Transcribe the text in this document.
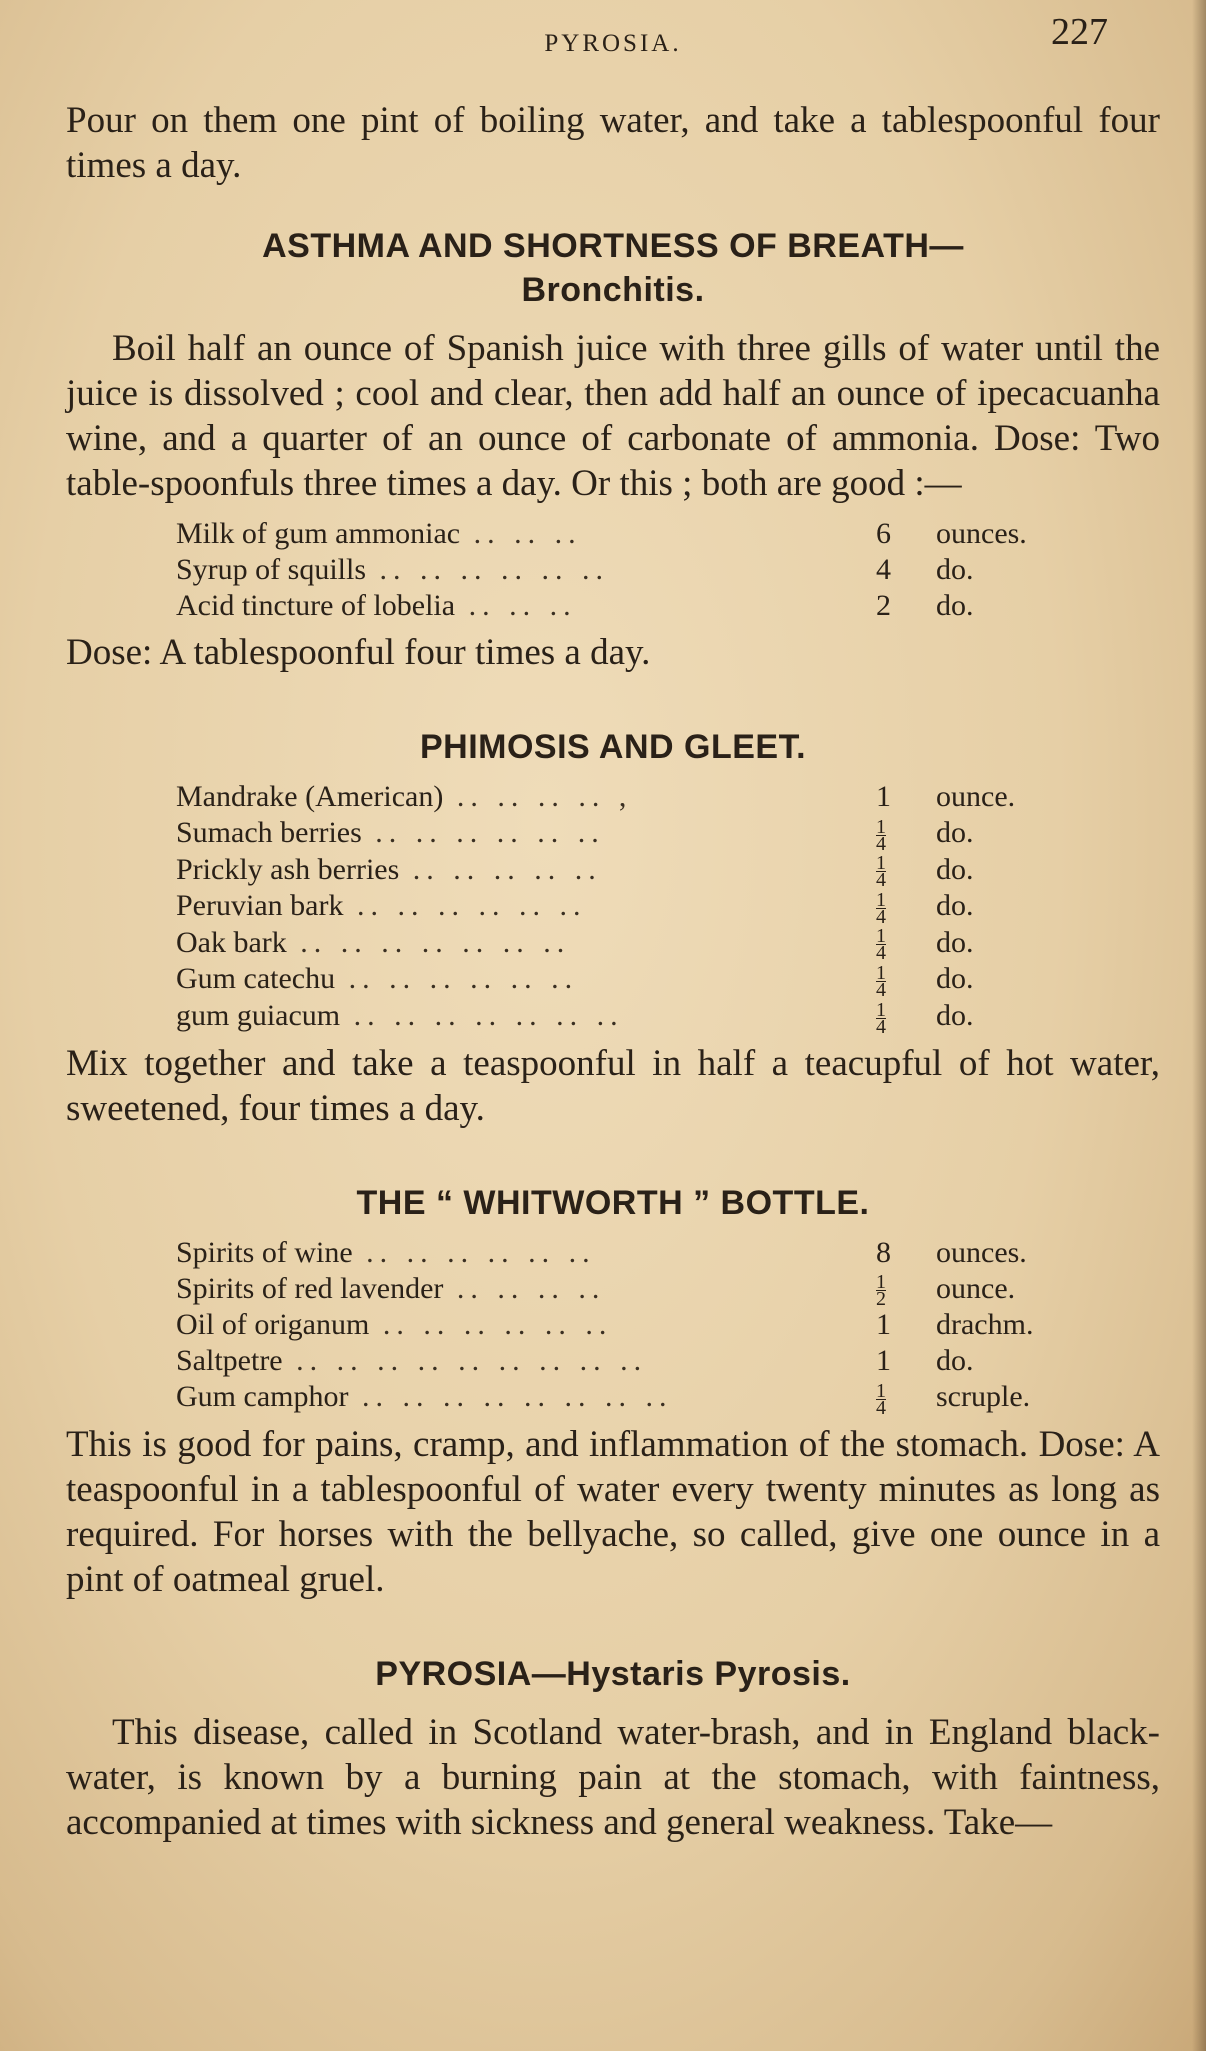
PYROSIA.	227

Pour on them one pint of boiling water, and take a tablespoonful four times a day.

ASTHMA AND SHORTNESS OF BREATH—
Bronchitis.

Boil half an ounce of Spanish juice with three gills of water until the juice is dissolved ; cool and clear, then add half an ounce of ipecacuanha wine, and a quarter of an ounce of carbonate of ammonia. Dose: Two table-spoonfuls three times a day. Or this ; both are good :—

Milk of gum ammoniac .. .. ..	6	ounces.
Syrup of squills .. .. .. .. .. ..	4	do.
Acid tincture of lobelia .. .. ..	2	do.

Dose: A tablespoonful four times a day.

PHIMOSIS AND GLEET.
Mandrake (American) .. .. .. .. ,	1	ounce.
Sumach berries .. .. .. .. .. ..	$\frac{1}{4}$ do.
Prickly ash berries .. .. .. .. ..	$\frac{1}{4}$ do.
Peruvian bark .. .. .. .. .. ..	$\frac{1}{4}$ do.
Oak bark .. .. .. .. .. .. ..	$\frac{1}{4}$ do.
Gum catechu .. .. .. .. .. ..	$\frac{1}{4}$ do.
gum guiacum .. .. .. .. .. .. ..	$\frac{1}{4}$ do.

Mix together and take a teaspoonful in half a teacupful of hot water, sweetened, four times a day.

THE “ WHITWORTH ” BOTTLE.
Spirits of wine .. .. .. .. .. ..	8	ounces.
Spirits of red lavender .. .. .. ..	$\frac{1}{2}$ ounce.
Oil of origanum .. .. .. .. .. ..	1	drachm.
Saltpetre .. .. .. .. .. .. .. .. ..	1	do.
Gum camphor .. .. .. .. .. .. .. ..	$\frac{1}{4}$ scruple.

This is good for pains, cramp, and inflammation of the stomach. Dose: A teaspoonful in a tablespoonful of water every twenty minutes as long as required. For horses with the bellyache, so called, give one ounce in a pint of oatmeal gruel.

PYROSIA—Hystaris Pyrosis.

This disease, called in Scotland water-brash, and in England black-water, is known by a burning pain at the stomach, with faintness, accompanied at times with sickness and general weakness. Take—
